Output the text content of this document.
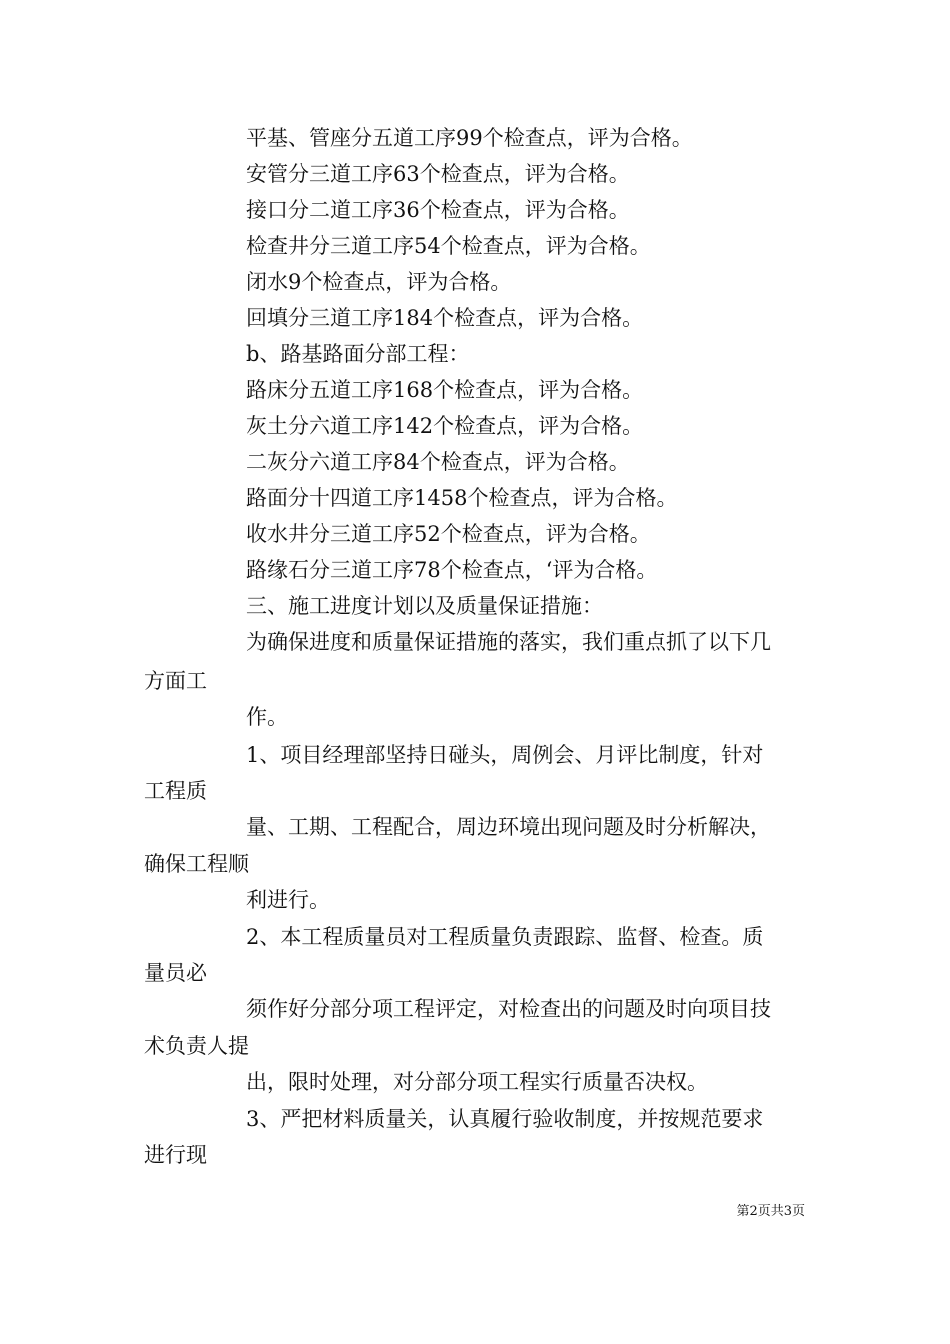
平基、管座分五道工序99个检查点，评为合格。
安管分三道工序63个检查点，评为合格。
接口分二道工序36个检查点，评为合格。
检查井分三道工序54个检查点，评为合格。
闭水9个检查点，评为合格。
回填分三道工序184个检查点，评为合格。
b、路基路面分部工程：
路床分五道工序168个检查点，评为合格。
灰土分六道工序142个检查点，评为合格。
二灰分六道工序84个检查点，评为合格。
路面分十四道工序1458个检查点，评为合格。
收水井分三道工序52个检查点，评为合格。
路缘石分三道工序78个检查点，‘评为合格。
三、施工进度计划以及质量保证措施：
为确保进度和质量保证措施的落实，我们重点抓了以下几
方面工
作。
1、项目经理部坚持日碰头，周例会、月评比制度，针对
工程质
量、工期、工程配合，周边环境出现问题及时分析解决，
确保工程顺
利进行。
2、本工程质量员对工程质量负责跟踪、监督、检查。质
量员必
须作好分部分项工程评定，对检查出的问题及时向项目技
术负责人提
出，限时处理，对分部分项工程实行质量否决权。
3、严把材料质量关，认真履行验收制度，并按规范要求
进行现
第2页共3页
